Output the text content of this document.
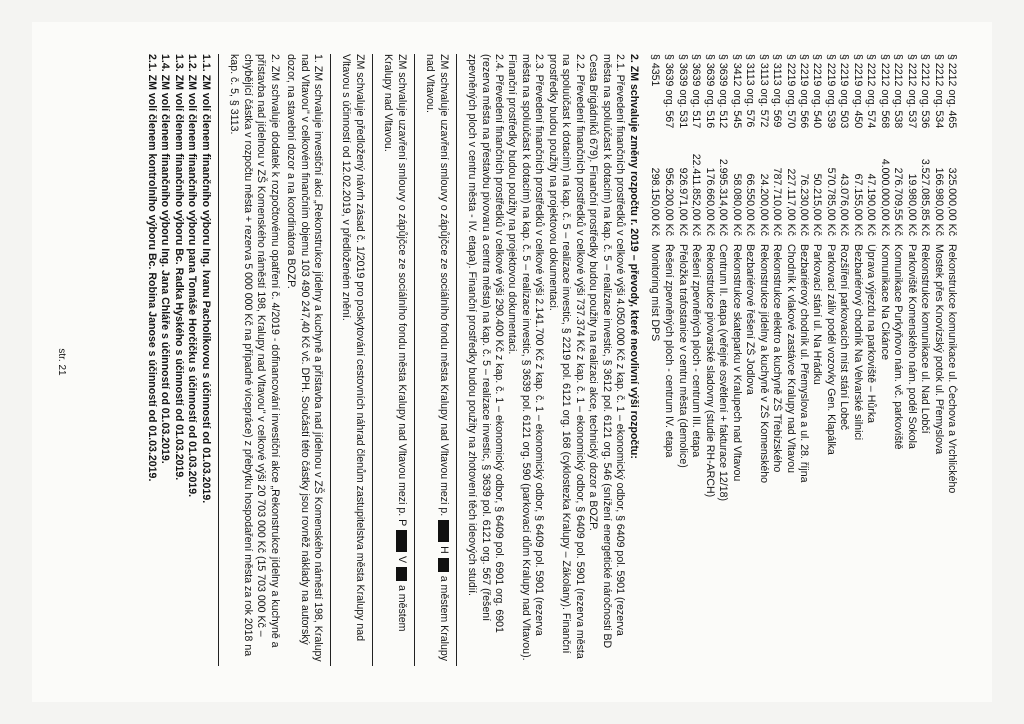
§ 2212 org. 465
325.000,00 Kč
Rekonstrukce komunikace ul. Čechova a Vrchlického
§ 2212 org. 534
166.980,00 Kč
Mostek přes Knovízský potok ul. Přemyslova
§ 2212 org. 536
3.527.085,85 Kč
Rekonstrukce komunikace ul. Nad Lobčí
§ 2212 org. 537
19.980,00 Kč
Parkoviště Komenského nám. podél Sokola
§ 2212 org. 538
276.709,55 Kč
Komunikace Purkyňovo nám. vč. parkoviště
§ 2212 org. 568
4.000.000,00 Kč
Komunikace Na Cikánce
§ 2212 org. 574
47.190,00 Kč
Úprava výjezdu na parkoviště – Hůrka
§ 2219 org. 450
67.155,00 Kč
Bezbariérový chodník Na Velvarské silnici
§ 2219 org. 503
43.076,00 Kč
Rozšíření parkovacích míst stání Lobeč
§ 2219 org. 539
570.785,00 Kč
Parkovací záliv podél vozovky Gen. Klapálka
§ 2219 org. 540
50.215,00 Kč
Parkovací stání ul. Na Hrádku
§ 2219 org. 566
76.230,00 Kč
Bezbariérový chodník ul. Přemyslova a ul. 28. října
§ 2219 org. 570
227.117,00 Kč
Chodník k vlakové zastávce Kralupy nad Vltavou
§ 3113 org. 569
787.710,00 Kč
Rekonstrukce elektro a kuchyně ZŠ Třebízského
§ 3113 org. 572
24.200,00 Kč
Rekonstrukce jídelny a kuchyně v ZŠ Komenského
§ 3113 org. 576
66.550,00 Kč
Bezbariérové řešení ZŠ Jodlova
§ 3412 org. 545
58.080,00 Kč
Rekonstrukce skateparku v Kralupech nad Vltavou
§ 3639 org. 512
2.995.314,00 Kč
Centrum II. etapa (veřejné osvětlení + fakturace 12/18)
§ 3639 org. 516
176.660,00 Kč
Rekonstrukce pivovarské sladovny (studie RH-ARCH)
§ 3639 org. 517
22.411.852,00 Kč
Řešení zpevněných ploch - centrum III. etapa
§ 3639 org. 531
926.971,00 Kč
Přeložka trafostanice v centru města (demolice)
§ 3639 org. 567
956.200,00 Kč
Řešení zpevněných ploch - centrum IV. etapa
§ 4351
298.150,00 Kč
Monitoring míst DPS

2. ZM schvaluje změny rozpočtu r. 2019 – převody, které neovlivní výši rozpočtu:

2.1. Převedení finančních prostředků v celkové výši 4.050.000 Kč z kap. č. 1 – ekonomický odbor, § 6409 pol. 5901 (rezerva města na spoluúčast k dotacím) na kap. č. 5 – realizace investic, § 3612 pol. 6121 org. 546 (snížení energetické náročnosti BD Cesta Brigádníků 679). Finanční prostředky budou použity na realizaci akce, technický dozor a BOZP.

2.2. Převedení finančních prostředků v celkové výši 737.374 Kč z kap. č. 1 – ekonomický odbor, § 6409 pol. 5901 (rezerva města na spoluúčast k dotacím) na kap. č. 5 – realizace investic, § 2219 pol. 6121 org. 168 (cyklostezka Kralupy – Zákolany). Finanční prostředky budou použity na projektovou dokumentaci.

2.3. Převedení finančních prostředků v celkové výši 2.141.700 Kč z kap. č. 1 – ekonomický odbor, § 6409 pol. 5901 (rezerva města na spoluúčast k dotacím) na kap. č. 5 – realizace investic, § 3639 pol. 6121 org. 590 (parkovací dům Kralupy nad Vltavou). Finanční prostředky budou použity na projektovou dokumentaci.

2.4. Převedení finančních prostředků v celkové výši 290.400 Kč z kap. č. 1 – ekonomický odbor, § 6409 pol. 6901 org. 6901 (rezerva města na přestavbu pivovaru a centra města) na kap. č. 5 – realizace investic, § 3639 pol. 6121 org. 567 (řešení zpevněných ploch v centru města - IV. etapa). Finanční prostředky budou použity na zhotovení těch ideových studií.

ZM schvaluje uzavření smlouvy o zápůjčce ze sociálního fondu města Kralupy nad Vltavou mezi p.  H  a městem Kralupy nad Vltavou.

ZM schvaluje uzavření smlouvy o zápůjčce ze sociálního fondu města Kralupy nad Vltavou mezi p. P  V  a městem Kralupy nad Vltavou.

ZM schvaluje předložený návrh zásad č. 1/2019 pro poskytování cestovních náhrad členům zastupitelstva města Kralupy nad Vltavou s účinností od 12.02.2019, v předloženém znění.

1. ZM schvaluje investiční akci „Rekonstrukce jídelny a kuchyně a přístavba nad jídelnou v ZŠ Komenského náměstí 198, Kralupy nad Vltavou" v celkovém finančním objemu 103 490 247,40 Kč vč. DPH. Součástí této částky jsou rovněž náklady na autorský dozor, na stavební dozor a na koordinátora BOZP.

2. ZM schvaluje dodatek k rozpočtovému opatření č. 4/2019 - dofinancování investiční akce „Rekonstrukce jídelny a kuchyně a přístavba nad jídelnou v ZŠ Komenského náměstí 198, Kralupy nad Vltavou" v celkové výši 20 703 000 Kč (15 703 000 Kč – chybějící částka v rozpočtu města + rezerva 5 000 000 Kč na případné vícepráce) z přebytku hospodaření města za rok 2018 na kap. č. 5, § 3113.

1.1. ZM volí členem finančního výboru Ing. Ivanu Pacholíkovou s účinností od 01.03.2019.

1.2. ZM volí členem finančního výboru pana Tomáše Horčičku s účinností od 01.03.2019.

1.3. ZM volí členem finančního výboru Bc. Radka Hyského s účinností od 01.03.2019.

1.4. ZM volí členem finančního výboru Ing. Jana Chláře s účinností od 01.03.2019.

2.1. ZM volí členem kontrolního výboru Bc. Robina Janose s účinností od 01.03.2019.

str. 21
